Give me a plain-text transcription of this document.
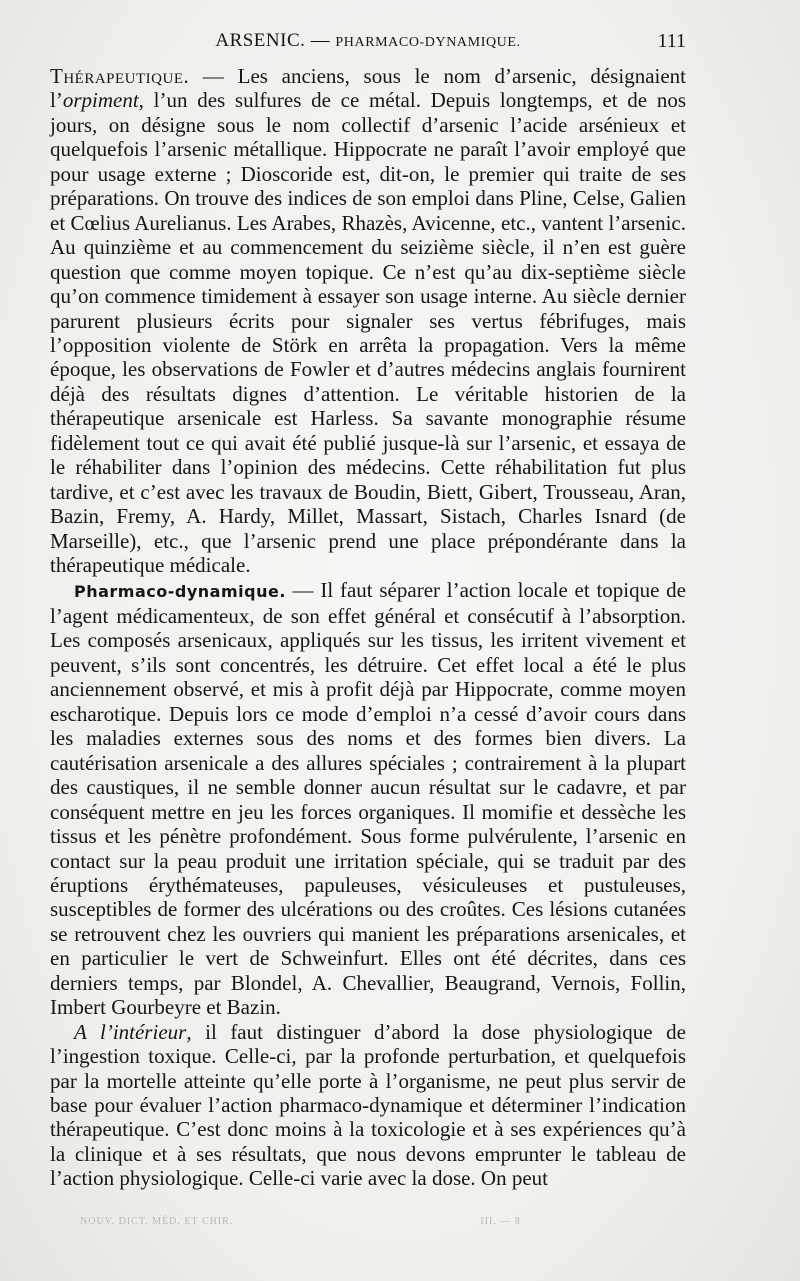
ARSENIC. — PHARMACO-DYNAMIQUE.	111

Thérapeutique. — Les anciens, sous le nom d’arsenic, désignaient l’orpiment, l’un des sulfures de ce métal. Depuis longtemps, et de nos jours, on désigne sous le nom collectif d’arsenic l’acide arsénieux et quelquefois l’arsenic métallique. Hippocrate ne paraît l’avoir employé que pour usage externe ; Dioscoride est, dit-on, le premier qui traite de ses préparations. On trouve des indices de son emploi dans Pline, Celse, Galien et Cœlius Aurelianus. Les Arabes, Rhazès, Avicenne, etc., vantent l’arsenic. Au quinzième et au commencement du seizième siècle, il n’en est guère question que comme moyen topique. Ce n’est qu’au dix-septième siècle qu’on commence timidement à essayer son usage interne. Au siècle dernier parurent plusieurs écrits pour signaler ses vertus fébrifuges, mais l’opposition violente de Störk en arrêta la propagation. Vers la même époque, les observations de Fowler et d’autres médecins anglais fournirent déjà des résultats dignes d’attention. Le véritable historien de la thérapeutique arsenicale est Harless. Sa savante monographie résume fidèlement tout ce qui avait été publié jusque-là sur l’arsenic, et essaya de le réhabiliter dans l’opinion des médecins. Cette réhabilitation fut plus tardive, et c’est avec les travaux de Boudin, Biett, Gibert, Trousseau, Aran, Bazin, Fremy, A. Hardy, Millet, Massart, Sistach, Charles Isnard (de Marseille), etc., que l’arsenic prend une place prépondérante dans la thérapeutique médicale.

Pharmaco-dynamique. — Il faut séparer l’action locale et topique de l’agent médicamenteux, de son effet général et consécutif à l’absorption. Les composés arsenicaux, appliqués sur les tissus, les irritent vivement et peuvent, s’ils sont concentrés, les détruire. Cet effet local a été le plus anciennement observé, et mis à profit déjà par Hippocrate, comme moyen escharotique. Depuis lors ce mode d’emploi n’a cessé d’avoir cours dans les maladies externes sous des noms et des formes bien divers. La cautérisation arsenicale a des allures spéciales ; contrairement à la plupart des caustiques, il ne semble donner aucun résultat sur le cadavre, et par conséquent mettre en jeu les forces organiques. Il momifie et dessèche les tissus et les pénètre profondément. Sous forme pulvérulente, l’arsenic en contact sur la peau produit une irritation spéciale, qui se traduit par des éruptions érythémateuses, papuleuses, vésiculeuses et pustuleuses, susceptibles de former des ulcérations ou des croûtes. Ces lésions cutanées se retrouvent chez les ouvriers qui manient les préparations arsenicales, et en particulier le vert de Schweinfurt. Elles ont été décrites, dans ces derniers temps, par Blondel, A. Chevallier, Beaugrand, Vernois, Follin, Imbert Gourbeyre et Bazin.

A l’intérieur, il faut distinguer d’abord la dose physiologique de l’ingestion toxique. Celle-ci, par la profonde perturbation, et quelquefois par la mortelle atteinte qu’elle porte à l’organisme, ne peut plus servir de base pour évaluer l’action pharmaco-dynamique et déterminer l’indication thérapeutique. C’est donc moins à la toxicologie et à ses expériences qu’à la clinique et à ses résultats, que nous devons emprunter le tableau de l’action physiologique. Celle-ci varie avec la dose. On peut

NOUV. DICT. MÉD. ET CHIR.	III. — 8
